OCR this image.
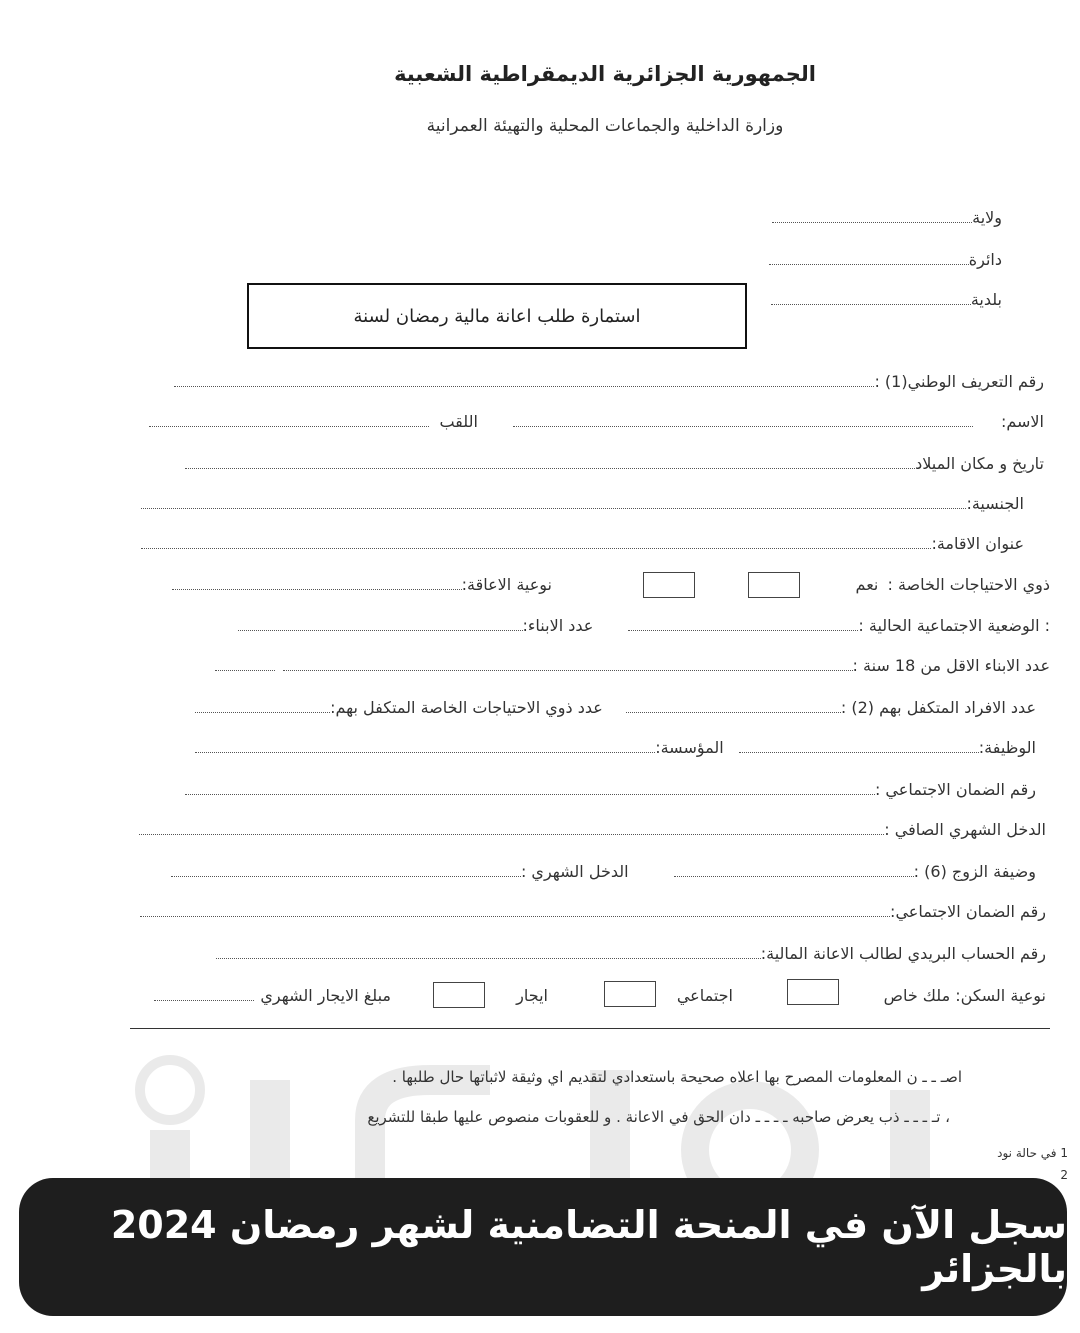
الجمهورية الجزائرية الديمقراطية الشعبية
وزارة الداخلية والجماعات المحلية والتهيئة العمرانية
ولاية
دائرة
بلدية
استمارة طلب اعانة مالية رمضان لسنة
رقم التعريف الوطني(1) :
الاسم: اللقب
تاريخ و مكان الميلاد
الجنسية:
عنوان الاقامة:
ذوي الاحتياجات الخاصة : نعم
نوعية الاعاقة:
: الوضعية الاجتماعية الحالية : عدد الابناء:
عدد الابناء الاقل من 18 سنة :
عدد الافراد المتكفل بهم (2) : عدد ذوي الاحتياجات الخاصة المتكفل بهم:
الوظيفة: المؤسسة:
رقم الضمان الاجتماعي :
الدخل الشهري الصافي :
وضيفة الزوج (6) : الدخل الشهري :
رقم الضمان الاجتماعي:
رقم الحساب البريدي لطالب الاعانة المالية:
نوعية السكن: ملك خاص
اجتماعي
ايجار
مبلغ الايجار الشهري
اصـ ـ ـ ن المعلومات المصرح بها اعلاه صحيحة باستعدادي لتقديم اي وثيقة لاثباتها حال طلبها .
، تـ ـ ـ ـ ذب يعرض صاحبه ـ ـ ـ ـ دان الحق في الاعانة . و للعقوبات منصوص عليها طبقا للتشريع
1 في حالة نود
2
سجل الآن في المنحة التضامنية لشهر رمضان 2024 بالجزائر
